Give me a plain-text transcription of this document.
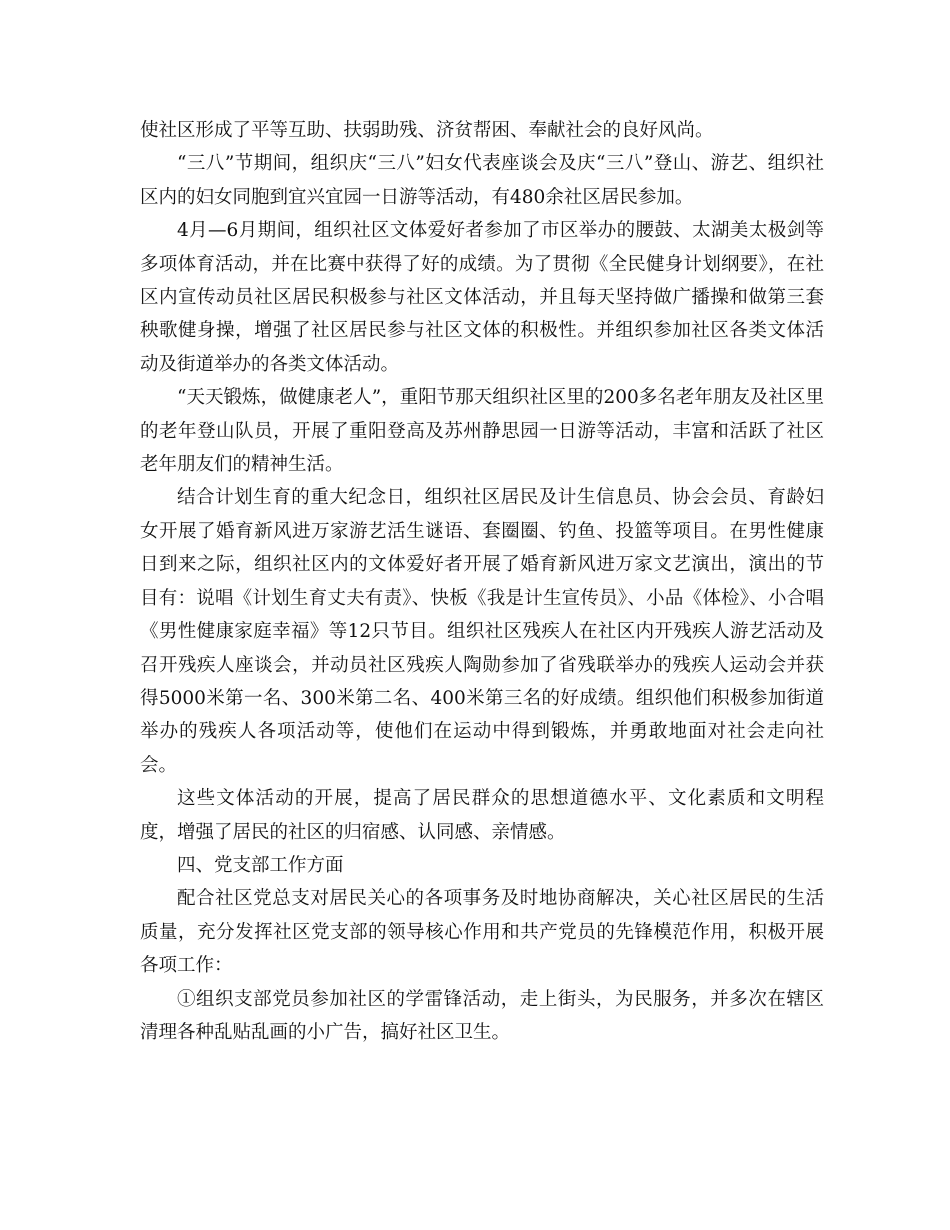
使社区形成了平等互助、扶弱助残、济贫帮困、奉献社会的良好风尚。

“三八”节期间，组织庆“三八”妇女代表座谈会及庆“三八”登山、游艺、组织社区内的妇女同胞到宜兴宜园一日游等活动，有480余社区居民参加。

4月—6月期间，组织社区文体爱好者参加了市区举办的腰鼓、太湖美太极剑等多项体育活动，并在比赛中获得了好的成绩。为了贯彻《全民健身计划纲要》，在社区内宣传动员社区居民积极参与社区文体活动，并且每天坚持做广播操和做第三套秧歌健身操，增强了社区居民参与社区文体的积极性。并组织参加社区各类文体活动及街道举办的各类文体活动。

“天天锻炼，做健康老人”，重阳节那天组织社区里的200多名老年朋友及社区里的老年登山队员，开展了重阳登高及苏州静思园一日游等活动，丰富和活跃了社区老年朋友们的精神生活。

结合计划生育的重大纪念日，组织社区居民及计生信息员、协会会员、育龄妇女开展了婚育新风进万家游艺活生谜语、套圈圈、钓鱼、投篮等项目。在男性健康日到来之际，组织社区内的文体爱好者开展了婚育新风进万家文艺演出，演出的节目有：说唱《计划生育丈夫有责》、快板《我是计生宣传员》、小品《体检》、小合唱《男性健康家庭幸福》等12只节目。组织社区残疾人在社区内开残疾人游艺活动及召开残疾人座谈会，并动员社区残疾人陶勋参加了省残联举办的残疾人运动会并获得5000米第一名、300米第二名、400米第三名的好成绩。组织他们积极参加街道举办的残疾人各项活动等，使他们在运动中得到锻炼，并勇敢地面对社会走向社会。

这些文体活动的开展，提高了居民群众的思想道德水平、文化素质和文明程度，增强了居民的社区的归宿感、认同感、亲情感。

四、党支部工作方面

配合社区党总支对居民关心的各项事务及时地协商解决，关心社区居民的生活质量，充分发挥社区党支部的领导核心作用和共产党员的先锋模范作用，积极开展各项工作：

①组织支部党员参加社区的学雷锋活动，走上街头，为民服务，并多次在辖区清理各种乱贴乱画的小广告，搞好社区卫生。
